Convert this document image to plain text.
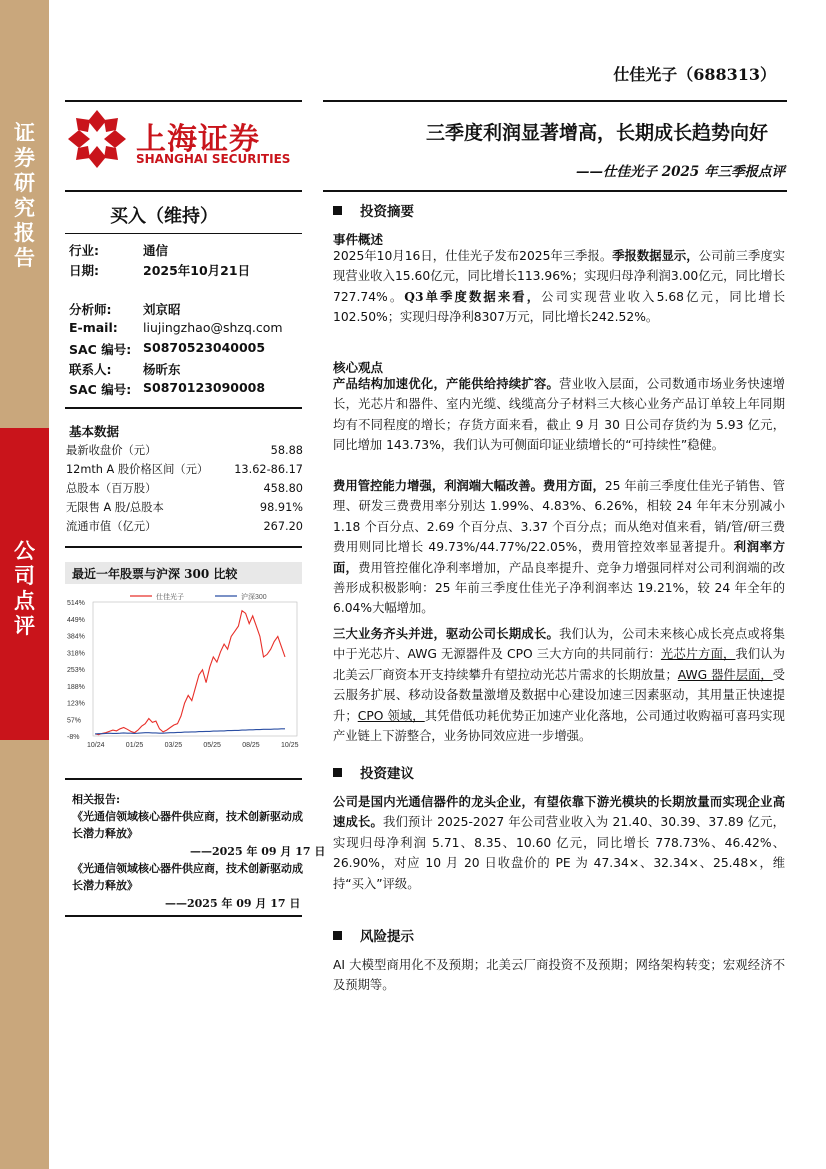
证
券
研
究
报
告
公
司
点
评
仕佳光子（688313）
上海证券
SHANGHAI SECURITIES
三季度利润显著增高，长期成长趋势向好
——仕佳光子 2025 年三季报点评
买入（维持）
行业:	通信
日期:	2025年10月21日
分析师:	刘京昭
E-mail: liujingzhao@shzq.com
SAC 编号: S0870523040005
联系人:	杨昕东
SAC 编号: S0870123090008
基本数据
最新收盘价（元）	58.88
12mth A 股价格区间（元） 13.62-86.17
总股本（百万股）	458.80
无限售 A 股/总股本	98.91%
流通市值（亿元）	267.20
最近一年股票与沪深 300 比较
514%
449%
384%
318%
253%
188%
123%
57%
-8%
10/24	01/25	03/25	05/25	08/25	10/25
仕佳光子	沪深300
相关报告:
《光通信领域核心器件供应商，技术创新驱动成长潜力释放》
——2025 年 09 月 17 日
《光通信领域核心器件供应商，技术创新驱动成长潜力释放》
——2025 年 09 月 17 日
投资摘要
事件概述
2025年10月16日，仕佳光子发布2025年三季报。季报数据显示，公司前三季度实现营业收入15.60亿元，同比增长113.96%；实现归母净利润3.00亿元，同比增长727.74%。Q3单季度数据来看，公司实现营业收入5.68亿元，同比增长102.50%；实现归母净利8307万元，同比增长242.52%。
核心观点
产品结构加速优化，产能供给持续扩容。营业收入层面，公司数通市场业务快速增长，光芯片和器件、室内光缆、线缆高分子材料三大核心业务产品订单较上年同期均有不同程度的增长；存货方面来看，截止 9 月 30 日公司存货约为 5.93 亿元，同比增加 143.73%，我们认为可侧面印证业绩增长的“可持续性”稳健。
费用管控能力增强，利润端大幅改善。费用方面，25 年前三季度仕佳光子销售、管理、研发三费费用率分别达 1.99%、4.83%、6.26%，相较 24 年年末分别减小 1.18 个百分点、2.69 个百分点、3.37 个百分点；而从绝对值来看，销/管/研三费费用则同比增长 49.73%/44.77%/22.05%，费用管控效率显著提升。利润率方面，费用管控催化净利率增加，产品良率提升、竞争力增强同样对公司利润端的改善形成积极影响：25 年前三季度仕佳光子净利润率达 19.21%，较 24 年全年的 6.04%大幅增加。
三大业务齐头并进，驱动公司长期成长。我们认为，公司未来核心成长亮点或将集中于光芯片、AWG 无源器件及 CPO 三大方向的共同前行：光芯片方面，我们认为北美云厂商资本开支持续攀升有望拉动光芯片需求的长期放量；AWG 器件层面，受云服务扩展、移动设备数量激增及数据中心建设加速三因素驱动，其用量正快速提升；CPO 领域，其凭借低功耗优势正加速产业化落地，公司通过收购福可喜玛实现产业链上下游整合，业务协同效应进一步增强。
投资建议
公司是国内光通信器件的龙头企业，有望依靠下游光模块的长期放量而实现企业高速成长。我们预计 2025-2027 年公司营业收入为 21.40、30.39、37.89 亿元，实现归母净利润 5.71、8.35、10.60 亿元，同比增长 778.73%、46.42%、26.90%，对应 10 月 20 日收盘价的 PE 为 47.34×、32.34×、25.48×，维持“买入”评级。
风险提示
AI 大模型商用化不及预期；北美云厂商投资不及预期；网络架构转变；宏观经济不及预期等。
